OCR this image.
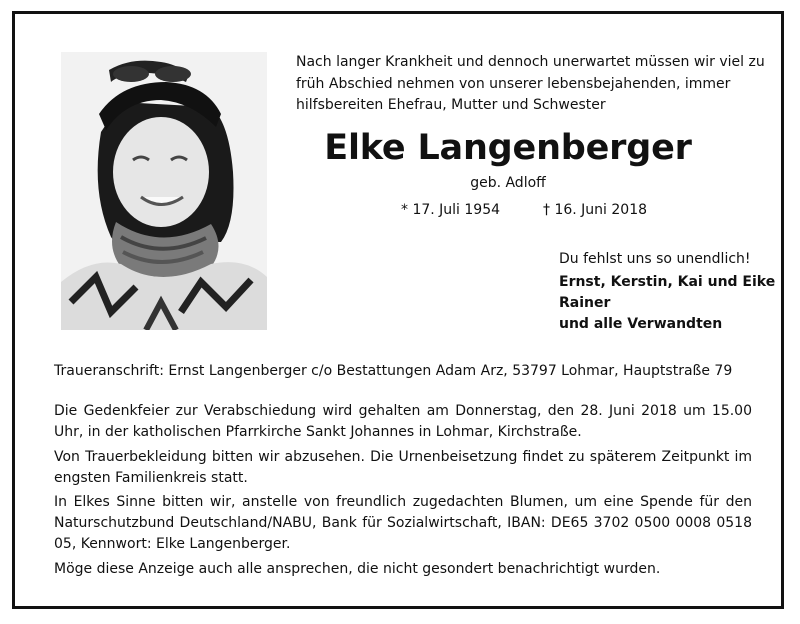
Nach langer Krankheit und dennoch unerwartet müssen wir viel zu früh Abschied nehmen von unserer lebensbejahenden, immer hilfsbereiten Ehefrau, Mutter und Schwester

Elke Langenberger

geb. Adloff

* 17. Juli 1954	† 16. Juni 2018

Du fehlst uns so unendlich!

Ernst, Kerstin, Kai und Eike
Rainer
und alle Verwandten

Traueranschrift: Ernst Langenberger c/o Bestattungen Adam Arz, 53797 Lohmar, Hauptstraße 79

Die Gedenkfeier zur Verabschiedung wird gehalten am Donnerstag, den 28. Juni 2018 um 15.00 Uhr, in der katholischen Pfarrkirche Sankt Johannes in Lohmar, Kirchstraße.

Von Trauerbekleidung bitten wir abzusehen. Die Urnenbeisetzung findet zu späterem Zeitpunkt im engsten Familienkreis statt.

In Elkes Sinne bitten wir, anstelle von freundlich zugedachten Blumen, um eine Spende für den Naturschutzbund Deutschland/NABU, Bank für Sozialwirtschaft, IBAN: DE65 3702 0500 0008 0518 05, Kennwort: Elke Langenberger.

Möge diese Anzeige auch alle ansprechen, die nicht gesondert benachrichtigt wurden.
